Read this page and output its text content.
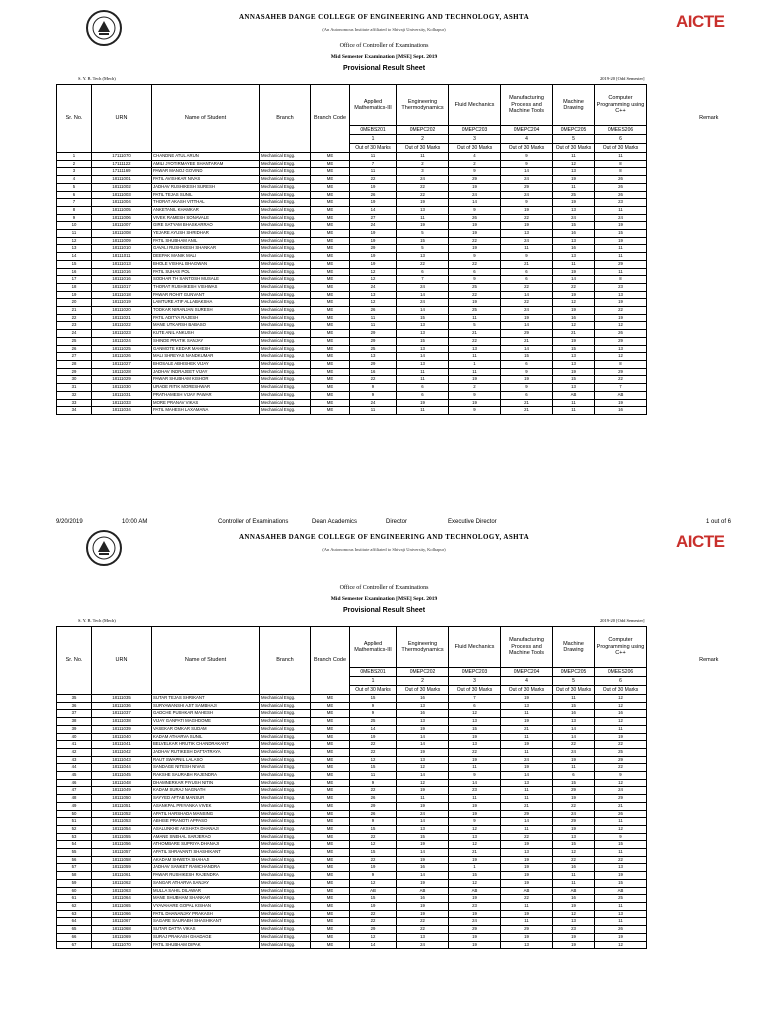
AICTE
ANNASAHEB DANGE COLLEGE OF ENGINEERING AND TECHNOLOGY, ASHTA
(An Autonomous Institute affiliated to Shivaji University, Kolhapur)
Office of Controller of Examinations
Mid Semester Examination [MSE] Sept. 2019
Provisional Result Sheet
S. Y. B. Tech (Mech)	2019-20 [Odd Semester]
Sr. No.	URN	Name of Student	Branch	Branch Code	Applied Mathematics-III	Engineering Thermodynamics	Fluid Mechanics	Manufacturing Process and Machine Tools	Machine Drawing	Computer Programming using C++	Remark
					0MEBS201	0MEPC202	0MEPC203	0MEPC204	0MEPC205	0MEES206	
					1	2	3	4	5	6	
					Out of 30 Marks	Out of 30 Marks	Out of 30 Marks	Out of 30 Marks	Out of 30 Marks	Out of 30 Marks	
1	17111070	CHANDNE ATUL ARUN	Mechanical Engg.	ME	11	11	4	9	11	11	
2	17111122	AMILI JYOTIRMAYEE SHANTARAM	Mechanical Engg.	ME	7	2	2	9	12	8	
3	17111169	PAWAR MANOJ GOVIND	Mechanical Engg.	ME	11	3	9	14	13	8	
4	18111001	PATIL AVISHKAR NIVAS	Mechanical Engg.	ME	22	24	29	24	19	26	
5	18111002	JADHAV RUSHIKESH SURESH	Mechanical Engg.	ME	19	22	19	29	11	26	
6	18111003	PATIL TEJAS SUNIL	Mechanical Engg.	ME	26	22	24	24	25	26	
7	18111004	THORAT AKASH VITTHAL	Mechanical Engg.	ME	19	19	14	9	19	23	
8	18111005	ANKETANIL KHAMKAR	Mechanical Engg.	ME	14	13	9	19	13	11	
9	18111006	VIVEK RAMESH SONAVALE	Mechanical Engg.	ME	27	11	26	22	24	24	
10	18111007	GIRE SATYAM BHASKARRAO	Mechanical Engg.	ME	24	19	19	19	15	19	
11	18111008	YEJARE AYUSH SHRIDHAR	Mechanical Engg.	ME	19	5	19	13	16	15	
12	18111009	PATIL SHUBHAM ANIL	Mechanical Engg.	ME	19	15	22	24	13	19	
13	18111010	GAVALI RUSHIKESH SHANKAR	Mechanical Engg.	ME	29	5	19	11	16	11	
14	18111011	DEEPAK MANIK MALI	Mechanical Engg.	ME	19	13	9	9	13	11	
15	18111013	BHOLE VISHAL BHAGWAN	Mechanical Engg.	ME	19	22	22	21	11	29	
16	18111016	PATIL SUHAS POL	Mechanical Engg.	ME	12	6	6	6	19	11	
17	18111016	SODHAR TH SANTOSH MUSALE	Mechanical Engg.	ME	12	7	9	6	14	8	
18	18111017	THORAT RUSHIKESH VISHWAS	Mechanical Engg.	ME	24	24	25	22	22	23	
19	18111018	PAWAR ROHIT GUNVANT	Mechanical Engg.	ME	13	14	22	14	19	13	
20	18111019	LAMTURE ATIF ALLABAKSHA	Mechanical Engg.	ME	12	24	19	22	12	19	
21	18111020	TODKAR NIRANJAN SURESH	Mechanical Engg.	ME	26	14	25	24	19	22	
22	18111021	PATIL ADITYA RAJESH	Mechanical Engg.	ME	11	15	11	19	16	19	
23	18111022	MANE UTKARSH BABASO	Mechanical Engg.	ME	11	13	5	14	12	12	
24	18111023	KUTE ANIL ANKUSH	Mechanical Engg.	ME	29	13	21	29	21	26	
25	18111024	SHINDE PRATIK SANJAY	Mechanical Engg.	ME	29	15	22	21	19	29	
26	18111025	GANMOTE KEDAR MAHESH	Mechanical Engg.	ME	25	13	13	14	15	13	
27	18111026	MALI SHREYAS NANDKUMAR	Mechanical Engg.	ME	13	14	11	15	13	12	
28	18111027	BHOSALE ABHISHEK VIJAY	Mechanical Engg.	ME	29	13	1	6	13	8	
29	18111028	JADHAV INDRAJEET VIJAY	Mechanical Engg.	ME	16	11	11	9	19	29	
30	18111029	PAWAR SHUBHAM KISHOR	Mechanical Engg.	ME	22	11	19	19	15	22	
31	18111030	URADE RITIK MORESHWAR	Mechanical Engg.	ME	9	6	2	9	13	7	
32	18111031	PRATHAMESH VIJAY PAWAR	Mechanical Engg.	ME	9	6	9	6	AB	AB	
33	18111033	MORE PRANAV VIKAS	Mechanical Engg.	ME	24	19	19	21	11	19	
34	18111034	PATIL MAHESH LAXAMANA	Mechanical Engg.	ME	11	11	9	21	11	16	
9/20/2019	10:00 AM	Controller of Examinations	Dean Academics	Director	Executive Director	1 out of 6
AICTE
ANNASAHEB DANGE COLLEGE OF ENGINEERING AND TECHNOLOGY, ASHTA
(An Autonomous Institute affiliated to Shivaji University, Kolhapur)
Office of Controller of Examinations
Mid Semester Examination [MSE] Sept. 2019
Provisional Result Sheet
S. Y. B. Tech (Mech)	2019-20 [Odd Semester]
Sr. No.	URN	Name of Student	Branch	Branch Code	Applied Mathematics-III	Engineering Thermodynamics	Fluid Mechanics	Manufacturing Process and Machine Tools	Machine Drawing	Computer Programming using C++	Remark
					0MEBS201	0MEPC202	0MEPC203	0MEPC204	0MEPC205	0MEES206	
					1	2	3	4	5	6	
					Out of 30 Marks	Out of 30 Marks	Out of 30 Marks	Out of 30 Marks	Out of 30 Marks	Out of 30 Marks	
35	18111035	SUTAR TEJAS SHRIKANT	Mechanical Engg.	ME	15	16	7	19	11	12	
36	18111036	SURYAWANSHI AJIT SAMBHAJI	Mechanical Engg.	ME	9	13	6	13	15	12	
37	18111037	GADCHE PUSHKAR MAHESH	Mechanical Engg.	ME	9	16	12	11	16	16	
38	18111038	VIJAY GANPATI MAGHDOME	Mechanical Engg.	ME	25	13	13	19	13	12	
39	18111039	VASEKAR OMKAR SUDAM	Mechanical Engg.	ME	14	19	15	21	14	11	
40	18111040	KADAM ATHARVA SUNIL	Mechanical Engg.	ME	19	14	19	11	14	19	
41	18111041	BELVELKAR HRUTIK CHANDRAKANT	Mechanical Engg.	ME	22	14	13	19	22	22	
42	18111042	JADHAV RUTIKESH DATTATRAYA	Mechanical Engg.	ME	22	19	22	11	24	25	
43	18111043	RAUT SWAPNIL LALASO	Mechanical Engg.	ME	12	13	19	24	19	29	
44	18111044	SANDAGE NITESH NIVAS	Mechanical Engg.	ME	15	12	11	19	11	22	
45	18111045	RAKSHE SAURABH RAJENDRA	Mechanical Engg.	ME	11	14	9	14	6	9	
46	18111048	DHAMNERKAR PIYUSH NITIN	Mechanical Engg.	ME	9	12	14	13	15	12	
47	18111049	KADAM SURAJ NAGNATH	Mechanical Engg.	ME	22	19	23	11	29	24	
48	18111050	SAYYED AFTAB MANSUR	Mechanical Engg.	ME	26	11	11	11	19	29	
49	18111051	ASANKPAL PRIYANKA VIVEK	Mechanical Engg.	ME	29	19	19	21	22	21	
50	18111052	APATIL HARSHADA MANSING	Mechanical Engg.	ME	26	24	19	29	24	26	
51	18111053	ABHISE PRANOTI APPASO	Mechanical Engg.	ME	9	14	9	14	29	11	
52	18111054	ASALUNKHE AKSHATA DHANAJI	Mechanical Engg.	ME	15	13	12	11	19	12	
53	18111055	AMANE SNEHAL SARJERAO	Mechanical Engg.	ME	22	15	13	22	13	9	
54	18111056	ATHOMBARE SUPRIYA DHANAJI	Mechanical Engg.	ME	12	19	12	19	15	15	
55	18111057	APATIL SHRAVANTI SHASHIKANT	Mechanical Engg.	ME	15	14	21	13	12	11	
56	18111058	AKADAM SHWETA SHAHAJI	Mechanical Engg.	ME	22	19	19	19	22	22	
57	18111059	JADHAV SANKET RAMCHANDRA	Mechanical Engg.	ME	19	16	1	19	16	13	
58	18111061	PAWAR RUSHIKESH RAJENDRA	Mechanical Engg.	ME	9	14	15	19	11	19	
59	18111062	SANGAR ATHARVA SANJAY	Mechanical Engg.	ME	12	19	12	19	11	15	
60	18111063	MULLA SAHIL DILAWAR	Mechanical Engg.	ME	AB	AB	AB	AB	AB	AB	
61	18111064	MANE SHUBHAM SHANKAR	Mechanical Engg.	ME	15	16	19	22	16	25	
62	18111065	VYAVAHARE GOPAL KISHAN	Mechanical Engg.	ME	19	19	23	11	19	11	
63	18111066	PATIL DHANANJAY PRAKASH	Mechanical Engg.	ME	22	19	19	19	12	13	
64	18111067	SAGARE SAURABH SHASHIKANT	Mechanical Engg.	ME	22	22	24	11	13	11	
65	18111068	SUTAR DATTA VIKAS	Mechanical Engg.	ME	29	22	29	29	23	26	
66	18111069	SURAJ PRAKASH GHADAGE	Mechanical Engg.	ME	12	13	19	19	19	19	
67	18111070	PATIL SHUBHAM DIPAK	Mechanical Engg.	ME	14	24	19	13	19	12	
